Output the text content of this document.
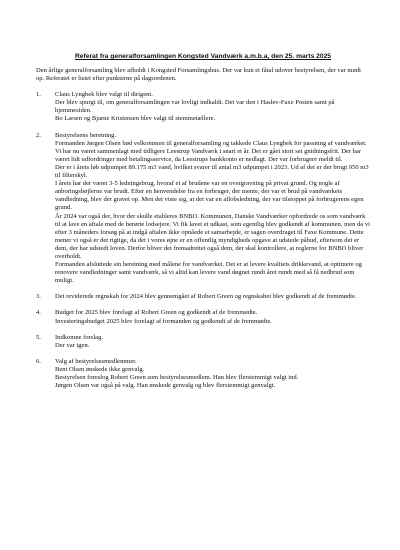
Referat fra generalforsamlingen Kongsted Vandværk a.m.b.a, den 25. marts 2025
Den årlige generalforsamling blev afholdt i Kongsted Forsamlingshus. Der var kun et fåtal udover bestyrelsen, der var mødt op. Referatet er listet efter punkterne på dagsordenen.
1.	Claus Lyngbek blev valgt til dirigent.
Der blev spurgt til, om generalforsamlingen var lovligt indkaldt. Det var den i Haslev-Faxe Posten samt på hjemmesiden.
Bo Larsen og Bjarne Kristensen blev valgt til stemmetællere.
2.	Bestyrelsens beretning.
Formanden Jørgen Olsen bød velkommen til generalforsamling og takkede Claus Lyngbek for passning af vandværket.
Vi har nu været sammenlagt med tidligere Leestrup Vandværk i snart et år. Det er gået stort set gnidningsfrit. Der har været lidt udfordringer med betalingsservice, da Leestrups bankkonto er nedlagt. Der var forbrugere meldt til.
Der er i årets løb udpumpet 89.175 m3 vand, hvilket svarer til antal m3 udpumpet i 2023. Ud af det er der brugt 950 m3 til filterskyl.
I årets har der været 3-5 ledningsbrug, hvoraf et af brudene var en overgravning på privat grund. Og nogle af anboringsbøjlerne var brudt. Efter en henvendelse fra en forbruger, der mente, der var et brud på vandværkets vandledning, blev der gravet op. Men det viste sig, at det var en aflobsledning, der var tilstoppet på forbrugerens egen grund.
År 2024 var også der, hvor der skulle etableres BNBO. Kommunen, Danske Vandværker opfordrede os som vandværk til at lave en aftale med de berørte lodsejere. Vi fik lavet et udkast, som egentlig blev godkendt af kommunen, men da vi efter 3 måneders forsøg på at indgå aftalen ikke opnåede et samarbejde, er sagen overdraget til Faxe Kommune. Dette mener vi også er det rigtige, da det i vores øjne er en offentlig myndigheds opgave at udstede påbud, eftersom det er dem, der har udstedt loven. Derfor bliver det fremadrettet også dem, der skal kontrollere, at reglerne for BNBO bliver overholdt.
Formanden afsluttede sin beretning med målene for vandværket. Det er at levere kvalitets drikkevand, at optimere og renovere vandledninger samt vandværk, så vi altid kan levere vand døgnet rundt året rundt med så få nedbrud som muligt.
3.	Det reviderede regnskab for 2024 blev gennemgået af Robert Green og regnskabet blev godkendt af de fremmødte.
4.	Budget for 2025 blev forelagt af Robert Green og godkendt af de fremmødte.
Investeringsbudget 2025 blev forelagt af formanden og godkendt af de fremmødte.
5.	Indkomne forslag.
Der var igen.
6.	Valg af bestyrelsesmedlemmer.
Bent Olsen ønskede ikke genvalg.
Bestyrelsen foreslog Robert Green som bestyrelsesmedlem. Han blev flerstemmigt valgt ind.
Jørgen Olsen var også på valg. Han ønskede genvalg og blev flerstemmigt genvalgt.
